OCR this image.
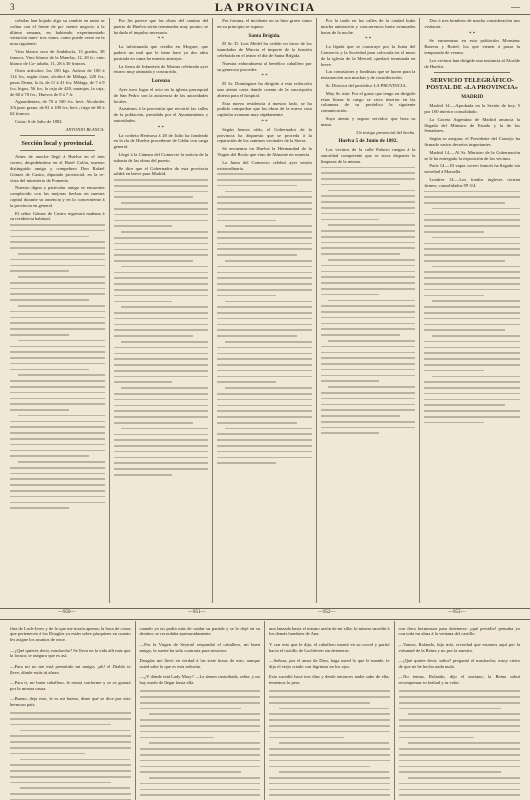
3	LA PROVINCIA	—

cobolas han hojado algo su cambio en tanto se colina con el frente de po- mente negocio a la última semana, en habiendo experimentado variación nues- tros vinos, como puede verse en la nota siguiente:

Vino blanco seco de Andalucía, 13 grados, 38 francos. Vino blanco de la Mancha, 12, 28 fr.; vino blanco de Ca- taluña, 11, 28 á 30 francos.

Otros artículos: los 100 kgs. Azúcar de 100 á 114 fcs, según clase; alcohol de Málaga, 220 fcs; pasas Denia, la fa, de 11 á 41 fcs; Málaga, de 7 á 9 fcs; higos, 56 fcs; la caja de 420, naranjas, la caja, de 60 á 70 frs.; Huevos de 8 á 7 fr.

Aguardientes, de 70 á 100 fcs. hect. Alcoholes 3/6 puro grano, de 81 á 100 fcs. hect.; trigo de 60 á 62 francos.

Cotas: 6 de Julio de 1882.

ANTONIO BLANCA.
Sección local y provincial.

Antes de anoche llegó á Huelva en el tren correo, despidiéndose en el Hotel Colón, nuestro distinguido amigo y compañero Don Rafael Gómez de Castro, diputado provincial, en la re- vista del ministerio de Fomento.

Nuestro digno y particular amigo se encuentra complacido con las mejoras hechas en nuestra capital durante su ausencia y en lo concerniente á la provincia en general.

El señor Gómez de Castro regresará mañana á su residencia habitual.

Por fin parece que las obras del camino del puerto de Huelva serán terminadas muy pronto; se ha dado el impulso necesario.

* *

La infortunada que residía en Moguer, que padece un mal que le tiene hace ya dos años postrada en cama ha muerto anteayer.

La fiesta de Infantería de Marina celebrada ayer estuvo muy animada y concurrida.

Lorenzo

Ayer tuvo lugar el acto en la iglesia parroquial de San Pedro con la asistencia de las autoridades locales.

Asistimos á la procesión que recorrió las calles de la población, presidida por el Ayuntamiento y autoridades.

* *

La corbeta Hermosa á 28 de Julio ha fondeado en la ría de Huelva procedente de Cádiz con carga general.

Llegó á la Cámara del Comercio la noticia de la subasta de las obras del puerto.

Se dice que el Gobernador de esta provincia saldrá en breve para Madrid.

Por fortuna, el incidente no se hizo grave como en su principio se supuso.

Santa Brígida.

El Sr. D. Luis Medel ha cedido en favor de los inundados de Murcia el importe de la función celebrada en el teatro el día de Santa Brígida.

Nuestra enhorabuena al benéfico caballero por su generoso proceder.

* *

El Sr. Domínguez ha dirigido á esta redacción una atenta carta dando cuenta de la suscripción abierta para el hospital.

Esta nueva residencia á nuestro lado, se ha podido comprobar que las obras de la nueva casa capitular avanzan muy rápidamente.

* *

Según hemos oído, el Gobernador de la provincia ha dispuesto que se proceda á la reparación de los caminos vecinales de la Sierra.

Se encuentra en Huelva la Hermandad de la Virgen del Rocío que vino de Almonte en romería.

La Junta del Comercio celebró ayer sesión extraordinaria.

Por la tarde en las calles de la ciudad hubo mucha animación y concurrencia hasta avanzadas horas de la noche.

* *

La lápida que se construye por la Junta del Comercio y la Sociedad para colocarla en el muro de la iglesia de la Merced, quedará terminada en breve.

Las comisiones y fondistas que se hacen para la restauración son muchas y de consideración.

Sr. Director del periódico LA PROVINCIA.

Muy Sr. mío: Por el gusto que tengo en dirigirle estas líneas le ruego se sirva insertar en las columnas de su periódico la siguiente comunicación.

Suyo atento y seguro servidor, que besa su mano.

Un testigo presencial del hecho.
Huelva 5 de Junio de 1882.

Los vecinos de la calle Palacio ruegan á la autoridad competente que se sirva disponer la limpieza de la misma.

Dos ó tres hombres de mucha consideración nos visitaron.

* *

Se encuentran en esta población Monsieur Barrera y Boitel, los que vienen á pasar la temporada de verano.

Los vecinos han dirigido una instancia al Alcalde de Huelva.

SERVICIO TELEGRÁFICO-POSTAL DE «LA PROVINCIA»
MADRID

Madrid 14.—Aprobada en la Sesión de hoy, 5 por 100 interior consolidado.

La Gaceta Argentina de Madrid anuncia la llegada del Ministro de Estado y la de los Senadores.

Según se asegura, el Presidente del Consejo ha firmado varios decretos importantes.

Madrid 14.—Al Sr. Ministro de la Gobernación se le ha entregado la exposición de los vecinos.

París 14.—El vapor correo francés ha llegado sin novedad á Marsella.

Londres 14.—Los fondos ingleses cierran firmes; consolidados 99 3/4.

—950—	—951—	—952—	—953—

fina de Loch-Irves y de lo que me moría apenas; la hora de cosas que pertenecen á los Douglas ya están sobre pásquines en cuanto les asigne los asuntos de once.

—¿Qué quieres decir, muchacho? Se lleva en la vida allí más que la locura; te aseguro que es así.

—Para mi no me está permitido mi amigo; ¡oh! el Diablo te lleve, dónde estás tú ahora.

—Para ti, mi buen caballero, le estará conforme y se os ganará por la misma causa.

—Bueno, deja esto, le es mi bueno, dime qué se dice por este hermoso país.

cuando ya no podía más de cuidar su partida y se lo dejó en su destino; se recordaba apresuradamente.

—Por la Virgen de Seyton! respondió el caballero, mi buen amigo, la suerte ha sido contraria para nosotros.

Douglas me llevó en verdad á las siete horas de esto, aunque usted sabe lo que es esta señorita.

—¿Y dónde está Lady Mary? —La tienen custodiada, señor, y no hay modo de llegar hasta ella.

una lanzada hasta el mismo arzón de mi silla; lo mismo sucedió á los demás hombres de Ana.

Y con esto que le dijo, el caballero montó en su corcel y partió hacia el castillo de Lochleven sin detenerse.

—Señora, por el amor de Dios, haga usted lo que le mande, le dijo el viejo criado con lágrimas en los ojos.

Esto sucedió hace tres días y desde entonces nadie sabe de ella; tememos lo peor.

con fiera hermosura para detenerse: ¡qué presidio! pensaba yo con toda mi alma á la ventana del castillo.

—Vamos, Rolando, hijo mío, recordad que estamos aquí por la voluntad de la Reina y no por la nuestra.

—¡Qué quiere decir, señor? preguntó el muchacho; estoy cierto de que no he hecho nada malo.

—No temas, Rolando, dijo el anciano, la Reina sabrá recompensar tu lealtad y tu valor.
